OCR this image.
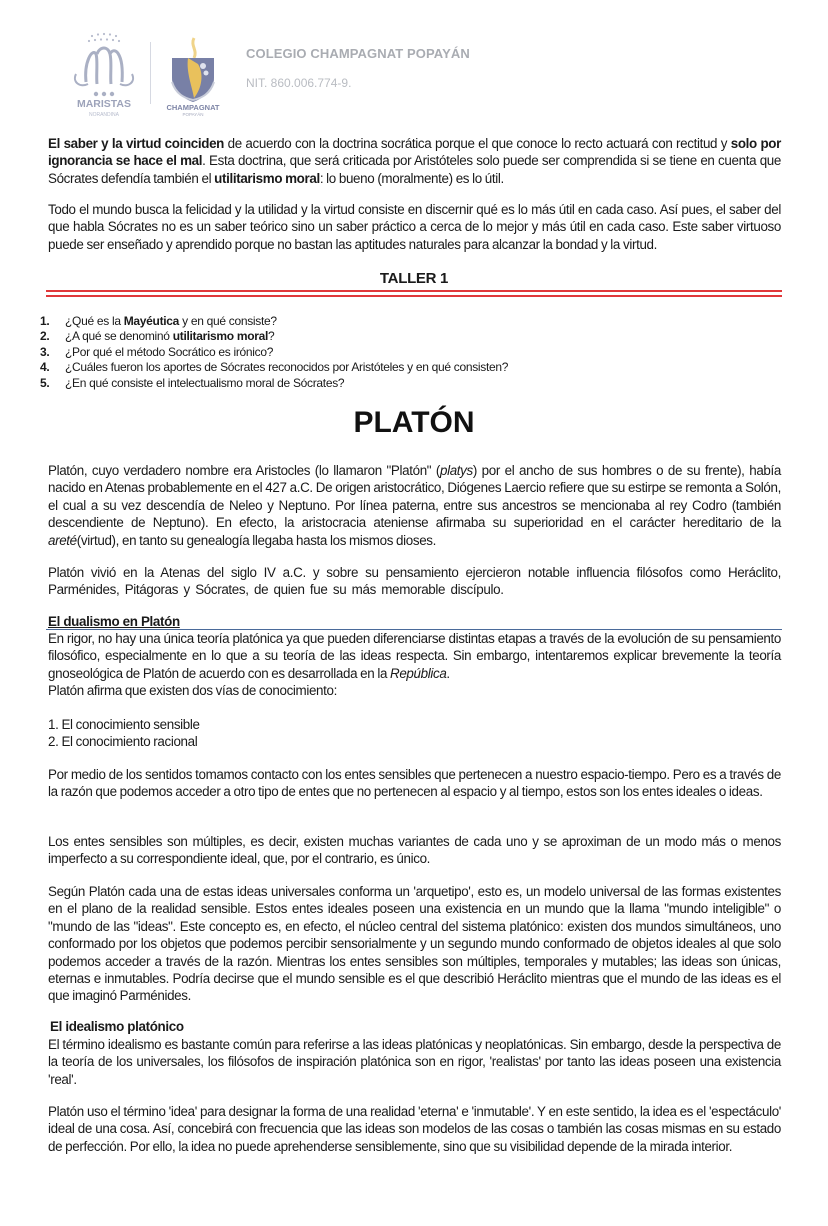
MARISTAS
NORANDINA
CHAMPAGNAT
POPAYÁN
COLEGIO CHAMPAGNAT POPAYÁN
NIT. 860.006.774-9.

El saber y la virtud coinciden de acuerdo con la doctrina socrática porque el que conoce lo recto actuará con rectitud y solo por ignorancia se hace el mal. Esta doctrina, que será criticada por Aristóteles solo puede ser comprendida si se tiene en cuenta que Sócrates defendía también el utilitarismo moral: lo bueno (moralmente) es lo útil.

Todo el mundo busca la felicidad y la utilidad y la virtud consiste en discernir qué es lo más útil en cada caso. Así pues, el saber del que habla Sócrates no es un saber teórico sino un saber práctico a cerca de lo mejor y más útil en cada caso. Este saber virtuoso puede ser enseñado y aprendido porque no bastan las aptitudes naturales para alcanzar la bondad y la virtud.

TALLER 1
1.	¿Qué es la Mayéutica y en qué consiste?
2.	¿A qué se denominó utilitarismo moral?
3.	¿Por qué el método Socrático es irónico?
4.	¿Cuáles fueron los aportes de Sócrates reconocidos por Aristóteles y en qué consisten?
5.	¿En qué consiste el intelectualismo moral de Sócrates?
PLATÓN

Platón, cuyo verdadero nombre era Aristocles (lo llamaron "Platón" (platys) por el ancho de sus hombres o de su frente), había nacido en Atenas probablemente en el 427 a.C. De origen aristocrático, Diógenes Laercio refiere que su estirpe se remonta a Solón, el cual a su vez descendía de Neleo y Neptuno. Por línea paterna, entre sus ancestros se mencionaba al rey Codro (también descendiente de Neptuno). En efecto, la aristocracia ateniense afirmaba su superioridad en el carácter hereditario de la areté(virtud), en tanto su genealogía llegaba hasta los mismos dioses.

Platón vivió en la Atenas del siglo IV a.C. y sobre su pensamiento ejercieron notable influencia filósofos como Heráclito, Parménides, Pitágoras y Sócrates, de quien fue su más memorable discípulo.

El dualismo en Platón

En rigor, no hay una única teoría platónica ya que pueden diferenciarse distintas etapas a través de la evolución de su pensamiento filosófico, especialmente en lo que a su teoría de las ideas respecta. Sin embargo, intentaremos explicar brevemente la teoría gnoseológica de Platón de acuerdo con es desarrollada en la República.

Platón afirma que existen dos vías de conocimiento:

1. El conocimiento sensible

2. El conocimiento racional

Por medio de los sentidos tomamos contacto con los entes sensibles que pertenecen a nuestro espacio-tiempo. Pero es a través de la razón que podemos acceder a otro tipo de entes que no pertenecen al espacio y al tiempo, estos son los entes ideales o ideas.

Los entes sensibles son múltiples, es decir, existen muchas variantes de cada uno y se aproximan de un modo más o menos imperfecto a su correspondiente ideal, que, por el contrario, es único.

Según Platón cada una de estas ideas universales conforma un 'arquetipo', esto es, un modelo universal de las formas existentes en el plano de la realidad sensible. Estos entes ideales poseen una existencia en un mundo que la llama "mundo inteligible" o "mundo de las "ideas". Este concepto es, en efecto, el núcleo central del sistema platónico: existen dos mundos simultáneos, uno conformado por los objetos que podemos percibir sensorialmente y un segundo mundo conformado de objetos ideales al que solo podemos acceder a través de la razón. Mientras los entes sensibles son múltiples, temporales y mutables; las ideas son únicas, eternas e inmutables. Podría decirse que el mundo sensible es el que describió Heráclito mientras que el mundo de las ideas es el que imaginó Parménides.

El idealismo platónico

El término idealismo es bastante común para referirse a las ideas platónicas y neoplatónicas. Sin embargo, desde la perspectiva de la teoría de los universales, los filósofos de inspiración platónica son en rigor, 'realistas' por tanto las ideas poseen una existencia 'real'.

Platón uso el término 'idea' para designar la forma de una realidad 'eterna' e 'inmutable'. Y en este sentido, la idea es el 'espectáculo' ideal de una cosa. Así, concebirá con frecuencia que las ideas son modelos de las cosas o también las cosas mismas en su estado de perfección. Por ello, la idea no puede aprehenderse sensiblemente, sino que su visibilidad depende de la mirada interior.
